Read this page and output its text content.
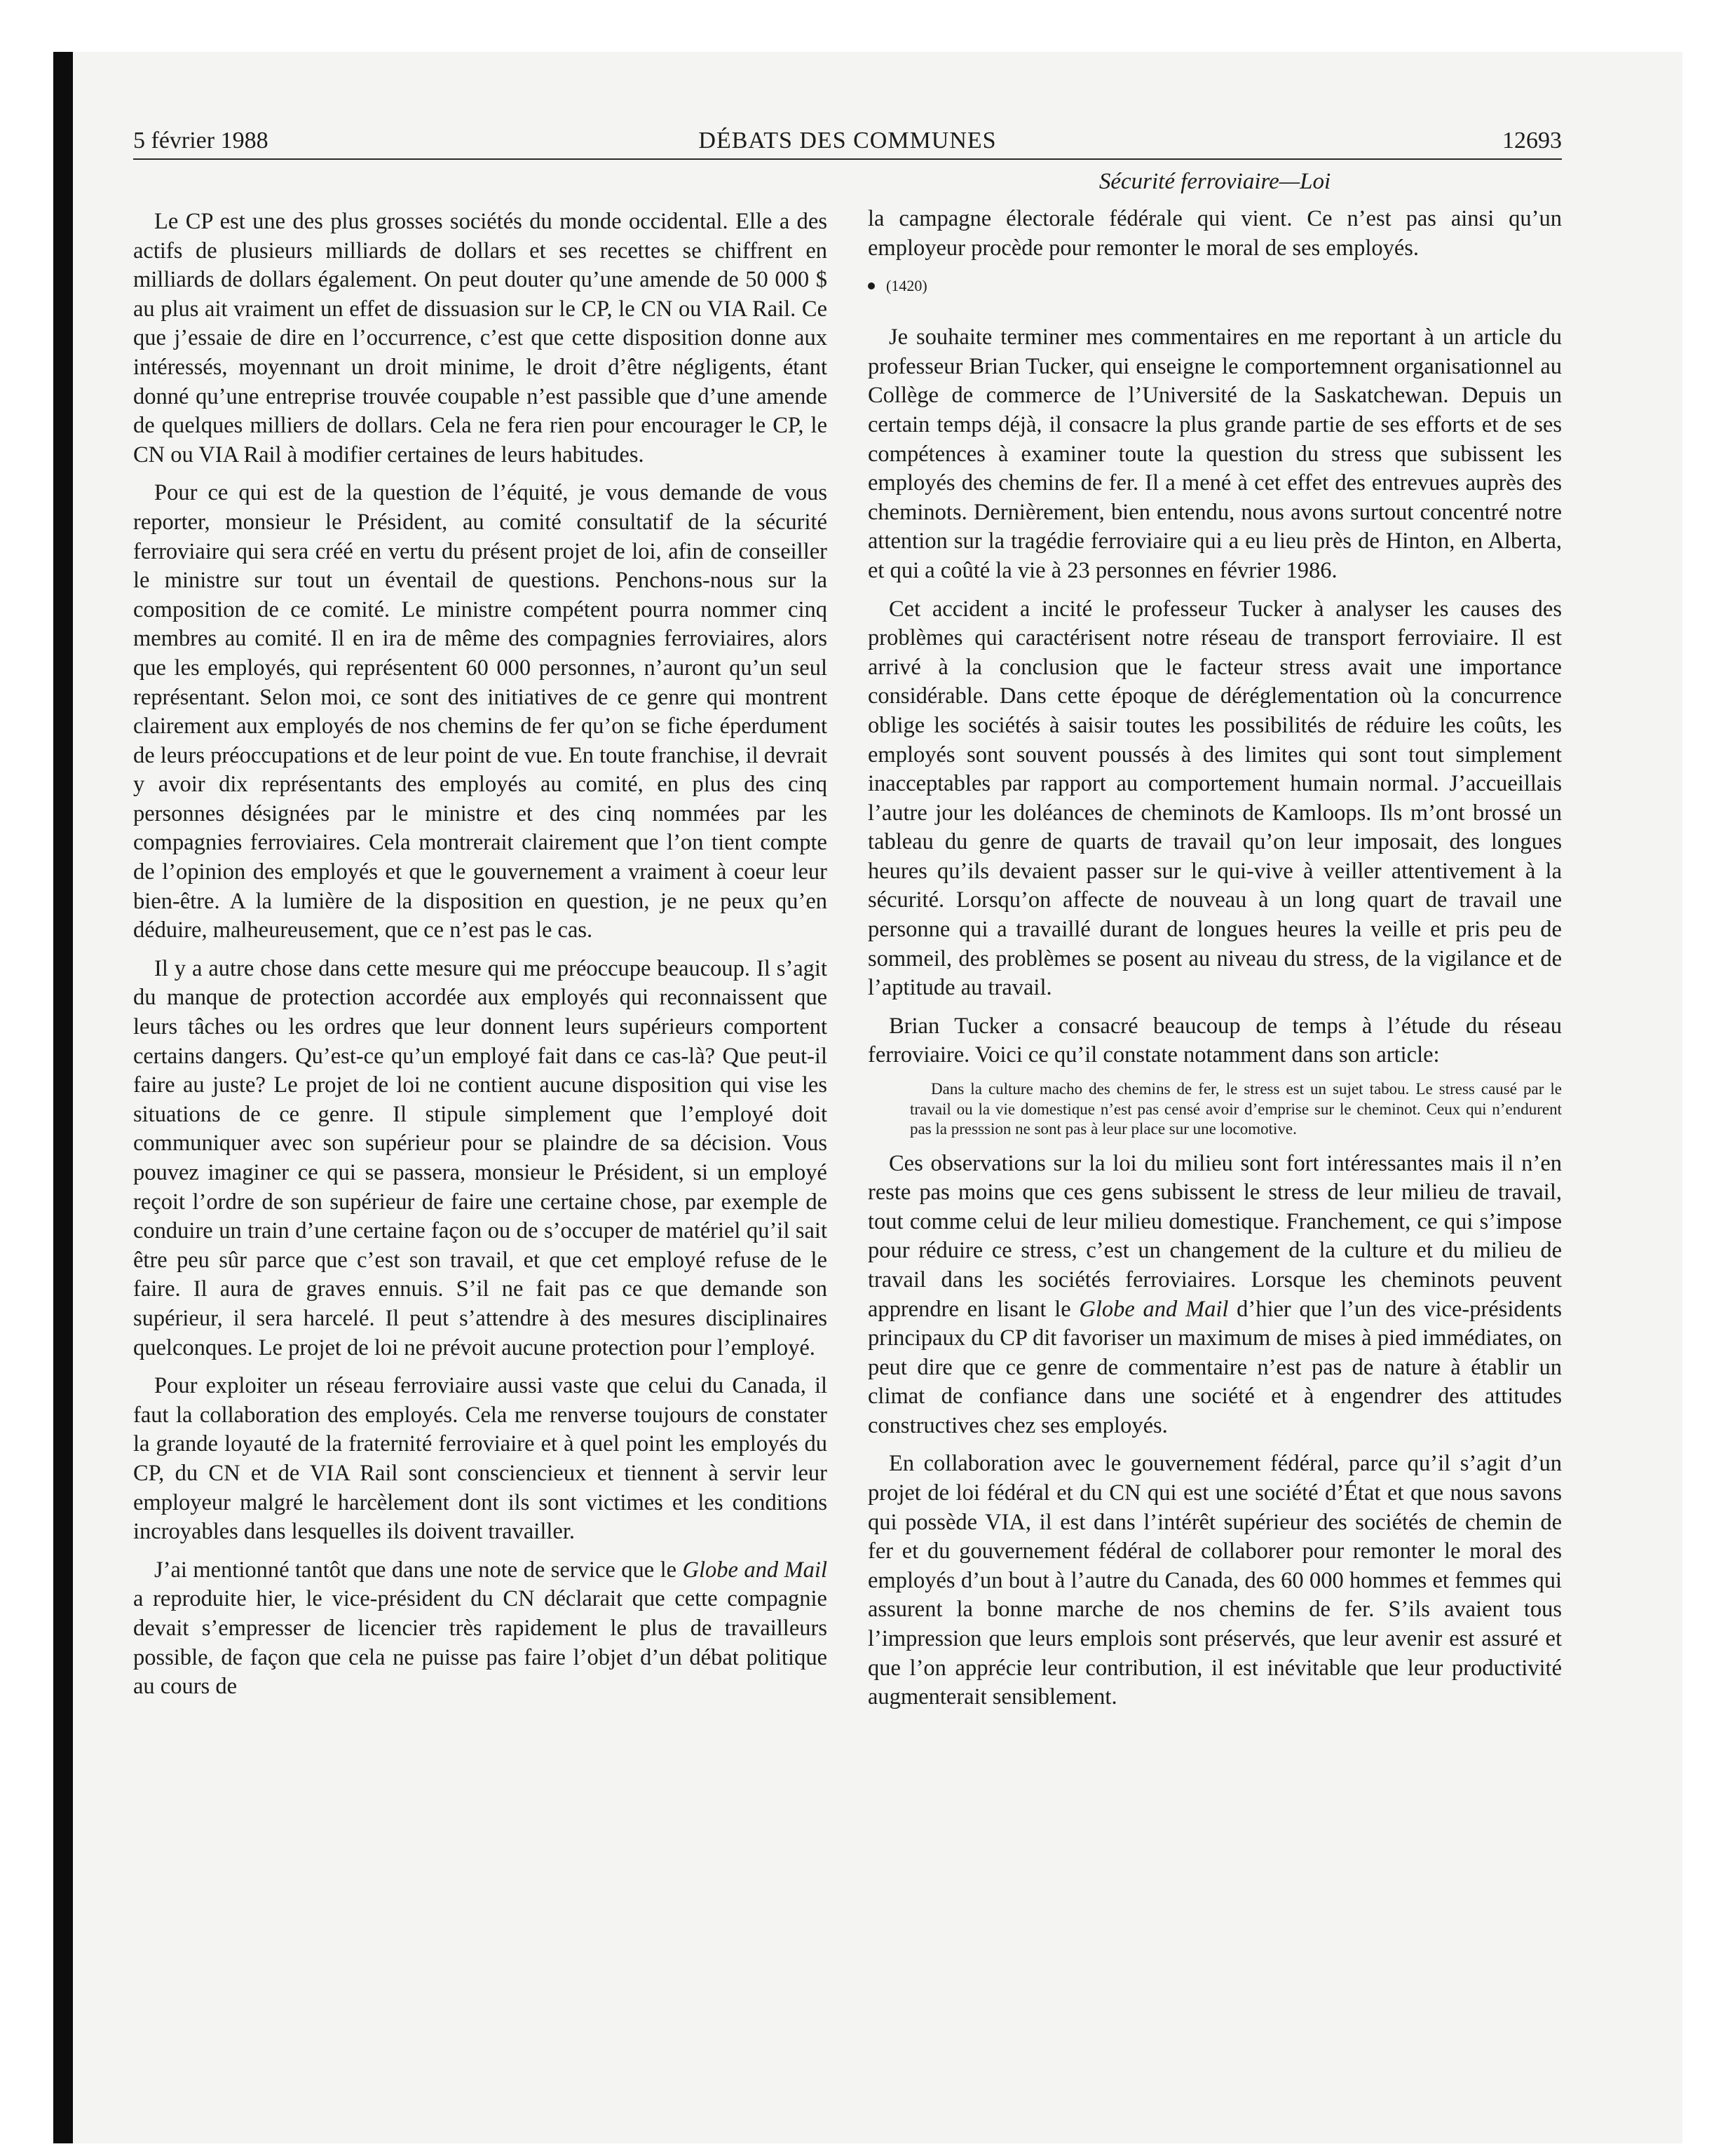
5 février 1988	DÉBATS DES COMMUNES	12693

Le CP est une des plus grosses sociétés du monde occidental. Elle a des actifs de plusieurs milliards de dollars et ses recettes se chiffrent en milliards de dollars également. On peut douter qu’une amende de 50 000 $ au plus ait vraiment un effet de dissuasion sur le CP, le CN ou VIA Rail. Ce que j’essaie de dire en l’occurrence, c’est que cette disposition donne aux intéressés, moyennant un droit minime, le droit d’être négligents, étant donné qu’une entreprise trouvée coupable n’est passible que d’une amende de quelques milliers de dollars. Cela ne fera rien pour encourager le CP, le CN ou VIA Rail à modifier certaines de leurs habitudes.

Pour ce qui est de la question de l’équité, je vous demande de vous reporter, monsieur le Président, au comité consultatif de la sécurité ferroviaire qui sera créé en vertu du présent projet de loi, afin de conseiller le ministre sur tout un éventail de questions. Penchons-nous sur la composition de ce comité. Le ministre compétent pourra nommer cinq membres au comité. Il en ira de même des compagnies ferroviaires, alors que les employés, qui représentent 60 000 personnes, n’auront qu’un seul représentant. Selon moi, ce sont des initiatives de ce genre qui montrent clairement aux employés de nos chemins de fer qu’on se fiche éperdument de leurs préoccupations et de leur point de vue. En toute franchise, il devrait y avoir dix représentants des employés au comité, en plus des cinq personnes désignées par le ministre et des cinq nommées par les compagnies ferroviaires. Cela montrerait clairement que l’on tient compte de l’opinion des employés et que le gouvernement a vraiment à coeur leur bien-être. A la lumière de la disposition en question, je ne peux qu’en déduire, malheureusement, que ce n’est pas le cas.

Il y a autre chose dans cette mesure qui me préoccupe beaucoup. Il s’agit du manque de protection accordée aux employés qui reconnaissent que leurs tâches ou les ordres que leur donnent leurs supérieurs comportent certains dangers. Qu’est-ce qu’un employé fait dans ce cas-là? Que peut-il faire au juste? Le projet de loi ne contient aucune disposition qui vise les situations de ce genre. Il stipule simplement que l’employé doit communiquer avec son supérieur pour se plaindre de sa décision. Vous pouvez imaginer ce qui se passera, monsieur le Président, si un employé reçoit l’ordre de son supérieur de faire une certaine chose, par exemple de conduire un train d’une certaine façon ou de s’occuper de matériel qu’il sait être peu sûr parce que c’est son travail, et que cet employé refuse de le faire. Il aura de graves ennuis. S’il ne fait pas ce que demande son supérieur, il sera harcelé. Il peut s’attendre à des mesures disciplinaires quelconques. Le projet de loi ne prévoit aucune protection pour l’employé.

Pour exploiter un réseau ferroviaire aussi vaste que celui du Canada, il faut la collaboration des employés. Cela me renverse toujours de constater la grande loyauté de la fraternité ferroviaire et à quel point les employés du CP, du CN et de VIA Rail sont consciencieux et tiennent à servir leur employeur malgré le harcèlement dont ils sont victimes et les conditions incroyables dans lesquelles ils doivent travailler.

J’ai mentionné tantôt que dans une note de service que le Globe and Mail a reproduite hier, le vice-président du CN déclarait que cette compagnie devait s’empresser de licencier très rapidement le plus de travailleurs possible, de façon que cela ne puisse pas faire l’objet d’un débat politique au cours de

Sécurité ferroviaire—Loi

la campagne électorale fédérale qui vient. Ce n’est pas ainsi qu’un employeur procède pour remonter le moral de ses employés.

(1420)

Je souhaite terminer mes commentaires en me reportant à un article du professeur Brian Tucker, qui enseigne le comportemnent organisationnel au Collège de commerce de l’Université de la Saskatchewan. Depuis un certain temps déjà, il consacre la plus grande partie de ses efforts et de ses compétences à examiner toute la question du stress que subissent les employés des chemins de fer. Il a mené à cet effet des entrevues auprès des cheminots. Dernièrement, bien entendu, nous avons surtout concentré notre attention sur la tragédie ferroviaire qui a eu lieu près de Hinton, en Alberta, et qui a coûté la vie à 23 personnes en février 1986.

Cet accident a incité le professeur Tucker à analyser les causes des problèmes qui caractérisent notre réseau de transport ferroviaire. Il est arrivé à la conclusion que le facteur stress avait une importance considérable. Dans cette époque de déréglementation où la concurrence oblige les sociétés à saisir toutes les possibilités de réduire les coûts, les employés sont souvent poussés à des limites qui sont tout simplement inacceptables par rapport au comportement humain normal. J’accueillais l’autre jour les doléances de cheminots de Kamloops. Ils m’ont brossé un tableau du genre de quarts de travail qu’on leur imposait, des longues heures qu’ils devaient passer sur le qui-vive à veiller attentivement à la sécurité. Lorsqu’on affecte de nouveau à un long quart de travail une personne qui a travaillé durant de longues heures la veille et pris peu de sommeil, des problèmes se posent au niveau du stress, de la vigilance et de l’aptitude au travail.

Brian Tucker a consacré beaucoup de temps à l’étude du réseau ferroviaire. Voici ce qu’il constate notamment dans son article:

Dans la culture macho des chemins de fer, le stress est un sujet tabou. Le stress causé par le travail ou la vie domestique n’est pas censé avoir d’emprise sur le cheminot. Ceux qui n’endurent pas la presssion ne sont pas à leur place sur une locomotive.

Ces observations sur la loi du milieu sont fort intéressantes mais il n’en reste pas moins que ces gens subissent le stress de leur milieu de travail, tout comme celui de leur milieu domestique. Franchement, ce qui s’impose pour réduire ce stress, c’est un changement de la culture et du milieu de travail dans les sociétés ferroviaires. Lorsque les cheminots peuvent apprendre en lisant le Globe and Mail d’hier que l’un des vice-présidents principaux du CP dit favoriser un maximum de mises à pied immédiates, on peut dire que ce genre de commentaire n’est pas de nature à établir un climat de confiance dans une société et à engendrer des attitudes constructives chez ses employés.

En collaboration avec le gouvernement fédéral, parce qu’il s’agit d’un projet de loi fédéral et du CN qui est une société d’État et que nous savons qui possède VIA, il est dans l’intérêt supérieur des sociétés de chemin de fer et du gouvernement fédéral de collaborer pour remonter le moral des employés d’un bout à l’autre du Canada, des 60 000 hommes et femmes qui assurent la bonne marche de nos chemins de fer. S’ils avaient tous l’impression que leurs emplois sont préservés, que leur avenir est assuré et que l’on apprécie leur contribution, il est inévitable que leur productivité augmenterait sensiblement.
